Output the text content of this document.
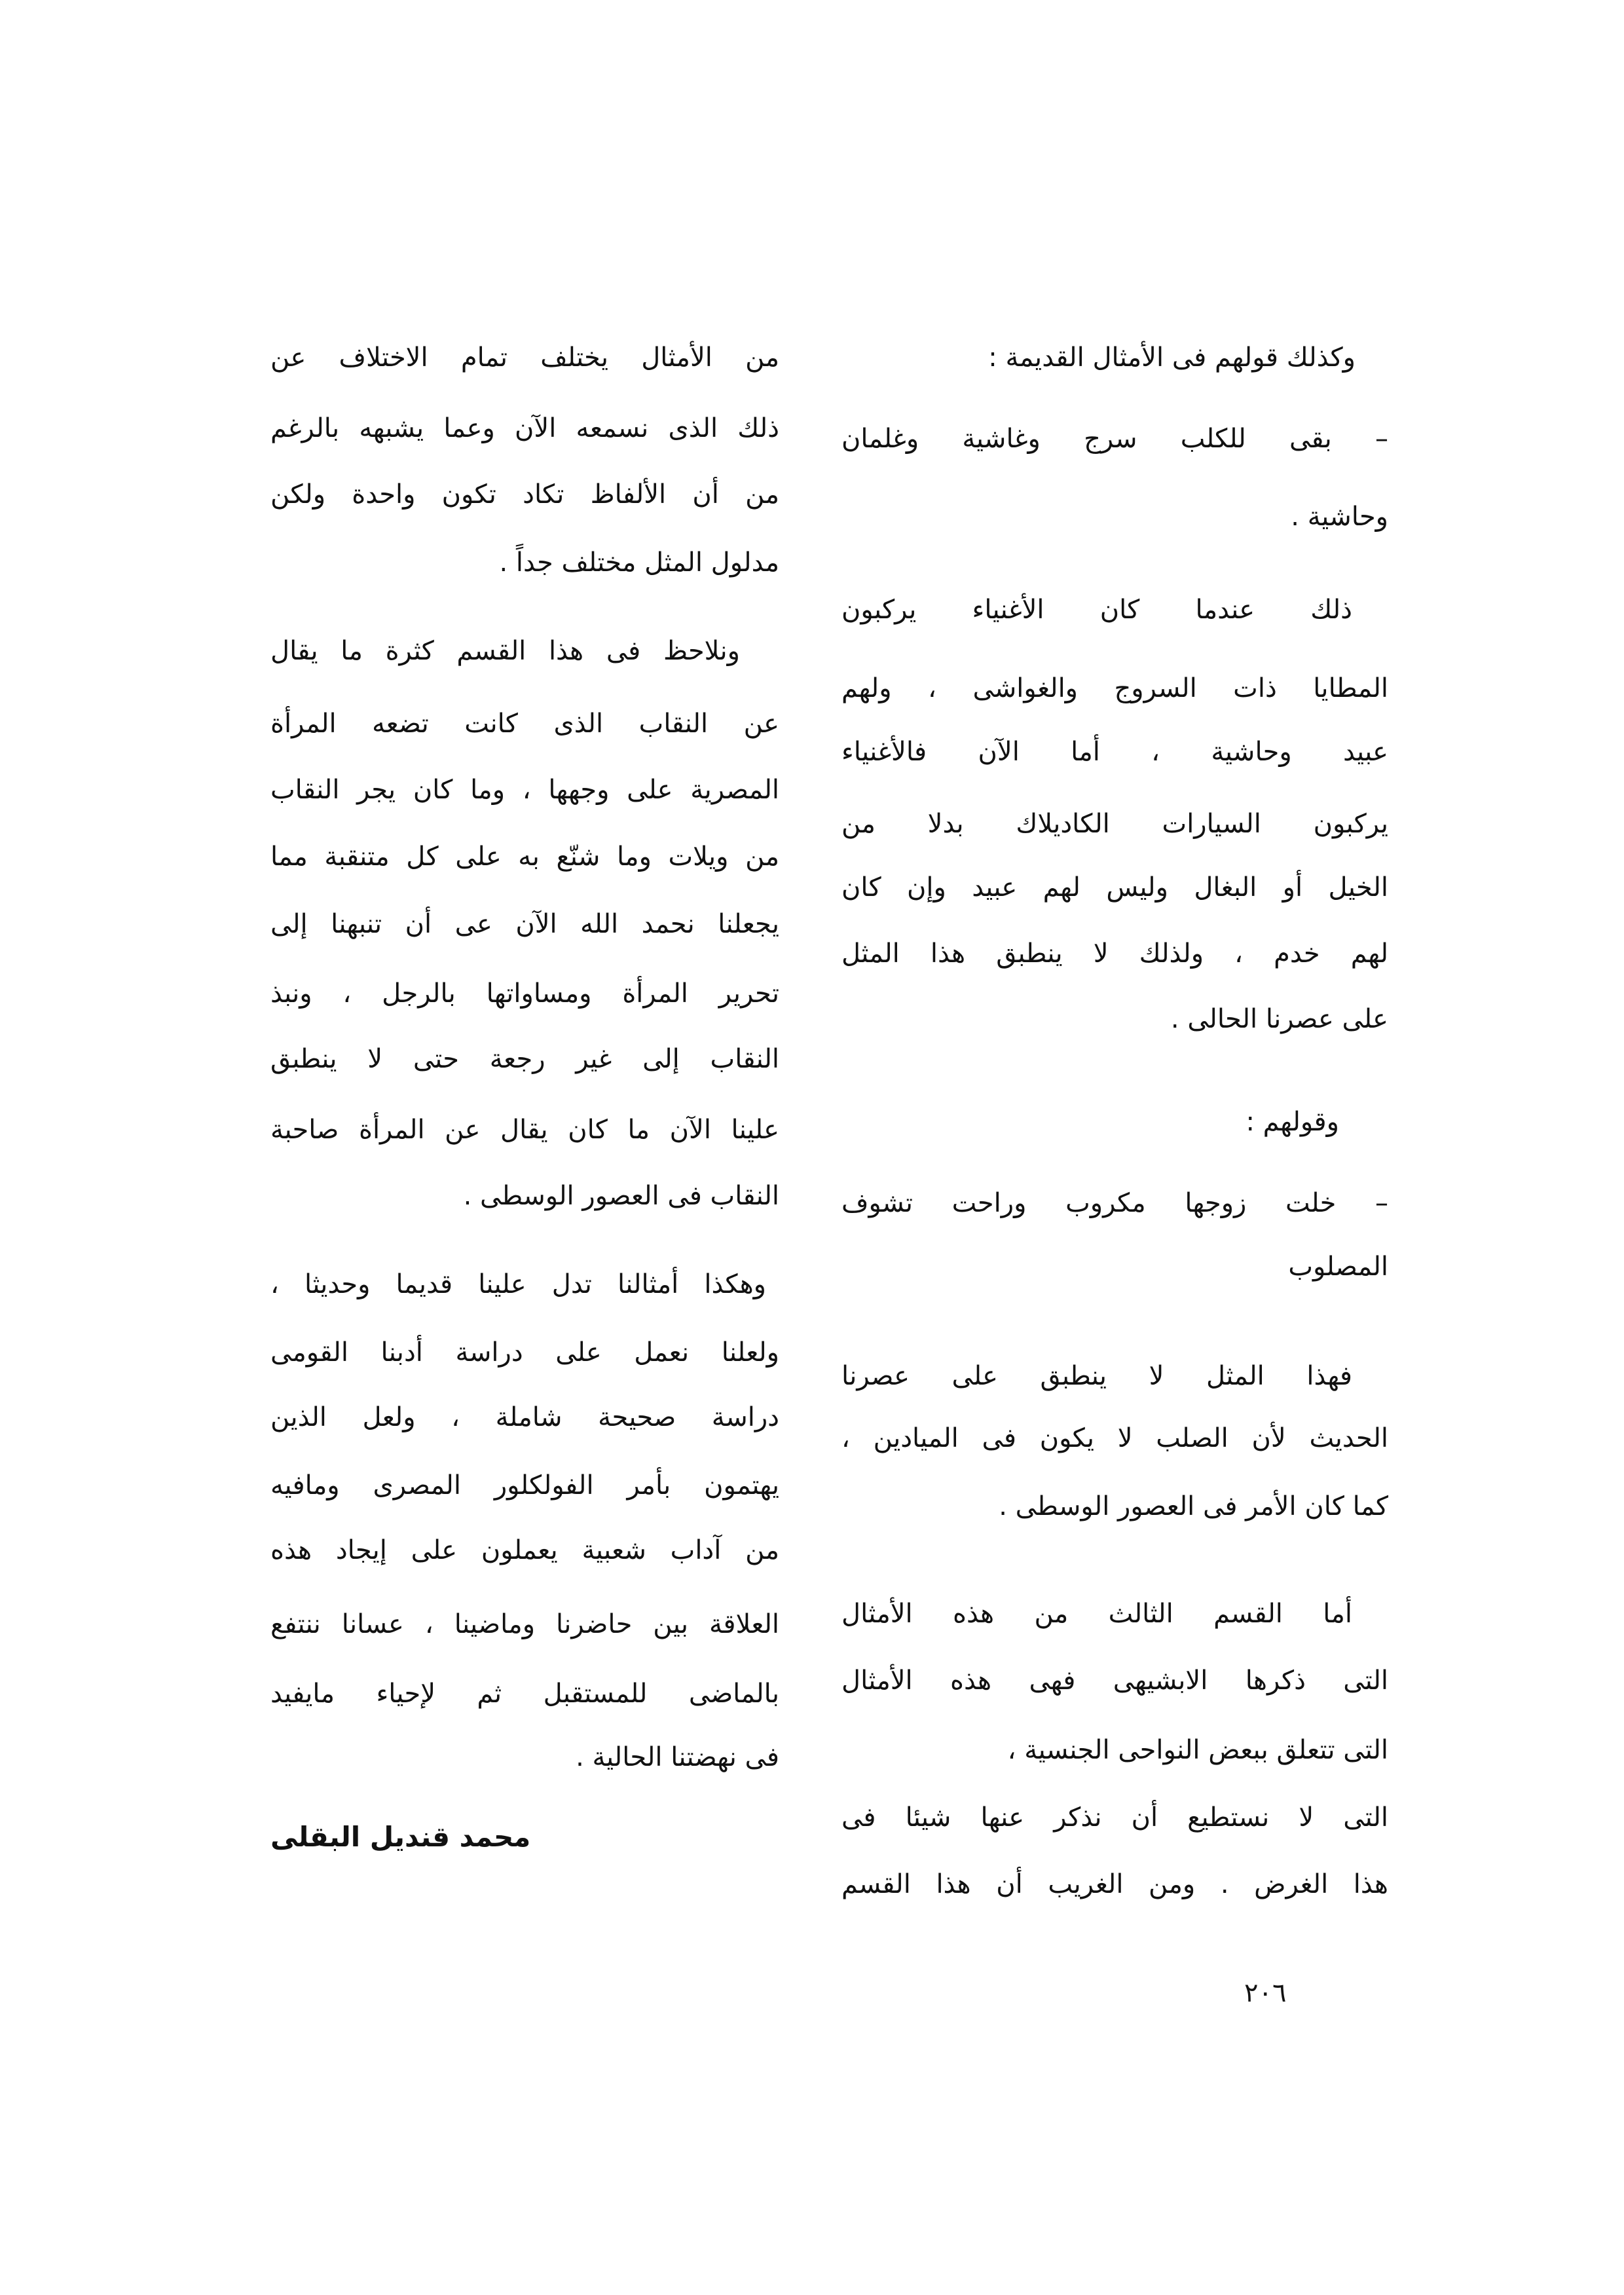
وكذلك قولهم فى الأمثال القديمة :
– بقى للكلب سرج وغاشية وغلمان
وحاشية .
ذلك عندما كان الأغنياء يركبون
المطايا ذات السروج والغواشى ، ولهم
عبيد وحاشية ، أما الآن فالأغنياء
يركبون السيارات الكاديلاك بدلا من
الخيل أو البغال وليس لهم عبيد وإن كان
لهم خدم ، ولذلك لا ينطبق هذا المثل
على عصرنا الحالى .
وقولهم :
– خلت زوجها مكروب وراحت تشوف
المصلوب
فهذا المثل لا ينطبق على عصرنا
الحديث لأن الصلب لا يكون فى الميادين ،
كما كان الأمر فى العصور الوسطى .
أما القسم الثالث من هذه الأمثال
التى ذكرها الابشيهى فهى هذه الأمثال
التى تتعلق ببعض النواحى الجنسية ،
التى لا نستطيع أن نذكر عنها شيئا فى
هذا الغرض . ومن الغريب أن هذا القسم
من الأمثال يختلف تمام الاختلاف عن
ذلك الذى نسمعه الآن وعما يشبهه بالرغم
من أن الألفاظ تكاد تكون واحدة ولكن
مدلول المثل مختلف جداً .
ونلاحظ فى هذا القسم كثرة ما يقال
عن النقاب الذى كانت تضعه المرأة
المصرية على وجهها ، وما كان يجر النقاب
من ويلات وما شنّع به على كل متنقبة مما
يجعلنا نحمد الله الآن عى أن تنبهنا إلى
تحرير المرأة ومساواتها بالرجل ، ونبذ
النقاب إلى غير رجعة حتى لا ينطبق
علينا الآن ما كان يقال عن المرأة صاحبة
النقاب فى العصور الوسطى .
وهكذا أمثالنا تدل علينا قديما وحديثا ،
ولعلنا نعمل على دراسة أدبنا القومى
دراسة صحيحة شاملة ، ولعل الذين
يهتمون بأمر الفولكلور المصرى ومافيه
من آداب شعبية يعملون على إيجاد هذه
العلاقة بين حاضرنا وماضينا ، عسانا ننتفع
بالماضى للمستقبل ثم لإحياء مايفيد
فى نهضتنا الحالية .
محمد قنديل البقلى
٢٠٦
